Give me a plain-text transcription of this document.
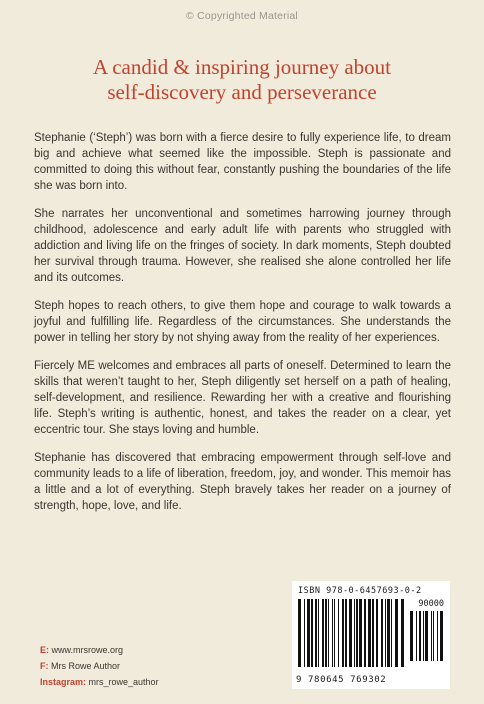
© Copyrighted Material
A candid & inspiring journey about
self-discovery and perseverance

Stephanie (‘Steph’) was born with a fierce desire to fully experience life, to dream big and achieve what seemed like the impossible. Steph is passionate and committed to doing this without fear, constantly pushing the boundaries of the life she was born into.

She narrates her unconventional and sometimes harrowing journey through childhood, adolescence and early adult life with parents who struggled with addiction and living life on the fringes of society. In dark moments, Steph doubted her survival through trauma. However, she realised she alone controlled her life and its outcomes.

Steph hopes to reach others, to give them hope and courage to walk towards a joyful and fulfilling life. Regardless of the circumstances. She understands the power in telling her story by not shying away from the reality of her experiences.

Fiercely ME welcomes and embraces all parts of oneself. Determined to learn the skills that weren’t taught to her, Steph diligently set herself on a path of healing, self-development, and resilience. Rewarding her with a creative and flourishing life. Steph’s writing is authentic, honest, and takes the reader on a clear, yet eccentric tour. She stays loving and humble.

Stephanie has discovered that embracing empowerment through self-love and community leads to a life of liberation, freedom, joy, and wonder. This memoir has a little and a lot of everything. Steph bravely takes her reader on a journey of strength, hope, love, and life.

E: www.mrsrowe.org
F: Mrs Rowe Author
Instagram: mrs_rowe_author
ISBN 978-0-6457693-0-2
90000
9 780645 769302
